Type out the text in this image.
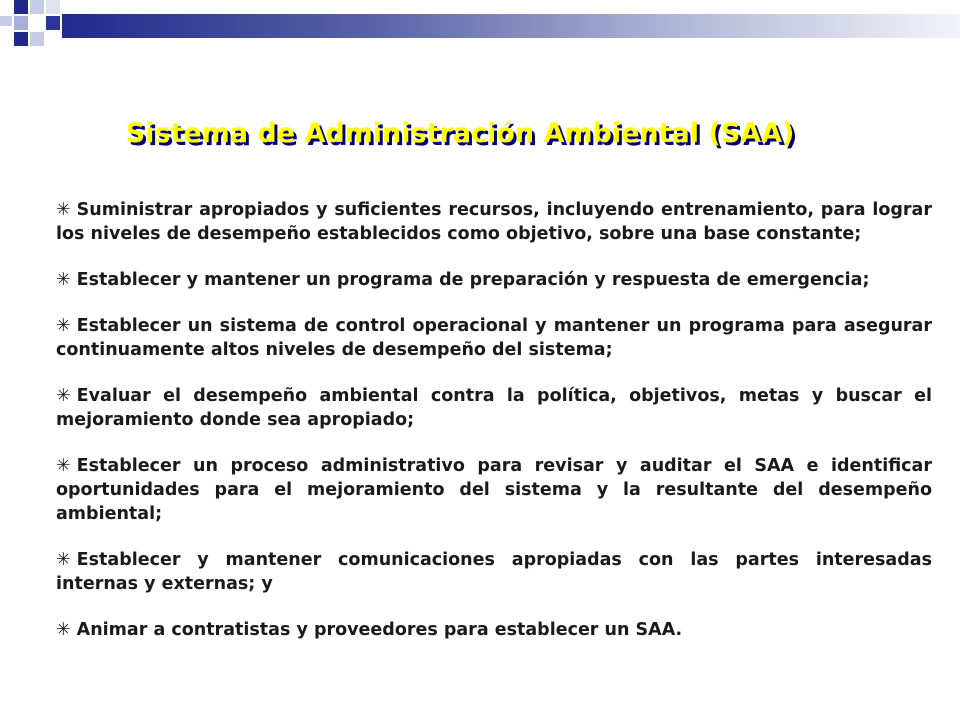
Sistema de Administración Ambiental (SAA)

✳ Suministrar apropiados y suficientes recursos, incluyendo entrenamiento, para lograr los niveles de desempeño establecidos como objetivo, sobre una base constante;

✳ Establecer y mantener un programa de preparación y respuesta de emergencia;

✳ Establecer un sistema de control operacional y mantener un programa para asegurar continuamente altos niveles de desempeño del sistema;

✳ Evaluar el desempeño ambiental contra la política, objetivos, metas y buscar el mejoramiento donde sea apropiado;

✳ Establecer un proceso administrativo para revisar y auditar el SAA e identificar oportunidades para el mejoramiento del sistema y la resultante del desempeño ambiental;

✳ Establecer y mantener comunicaciones apropiadas con las partes interesadas internas y externas; y

✳ Animar a contratistas y proveedores para establecer un SAA.
